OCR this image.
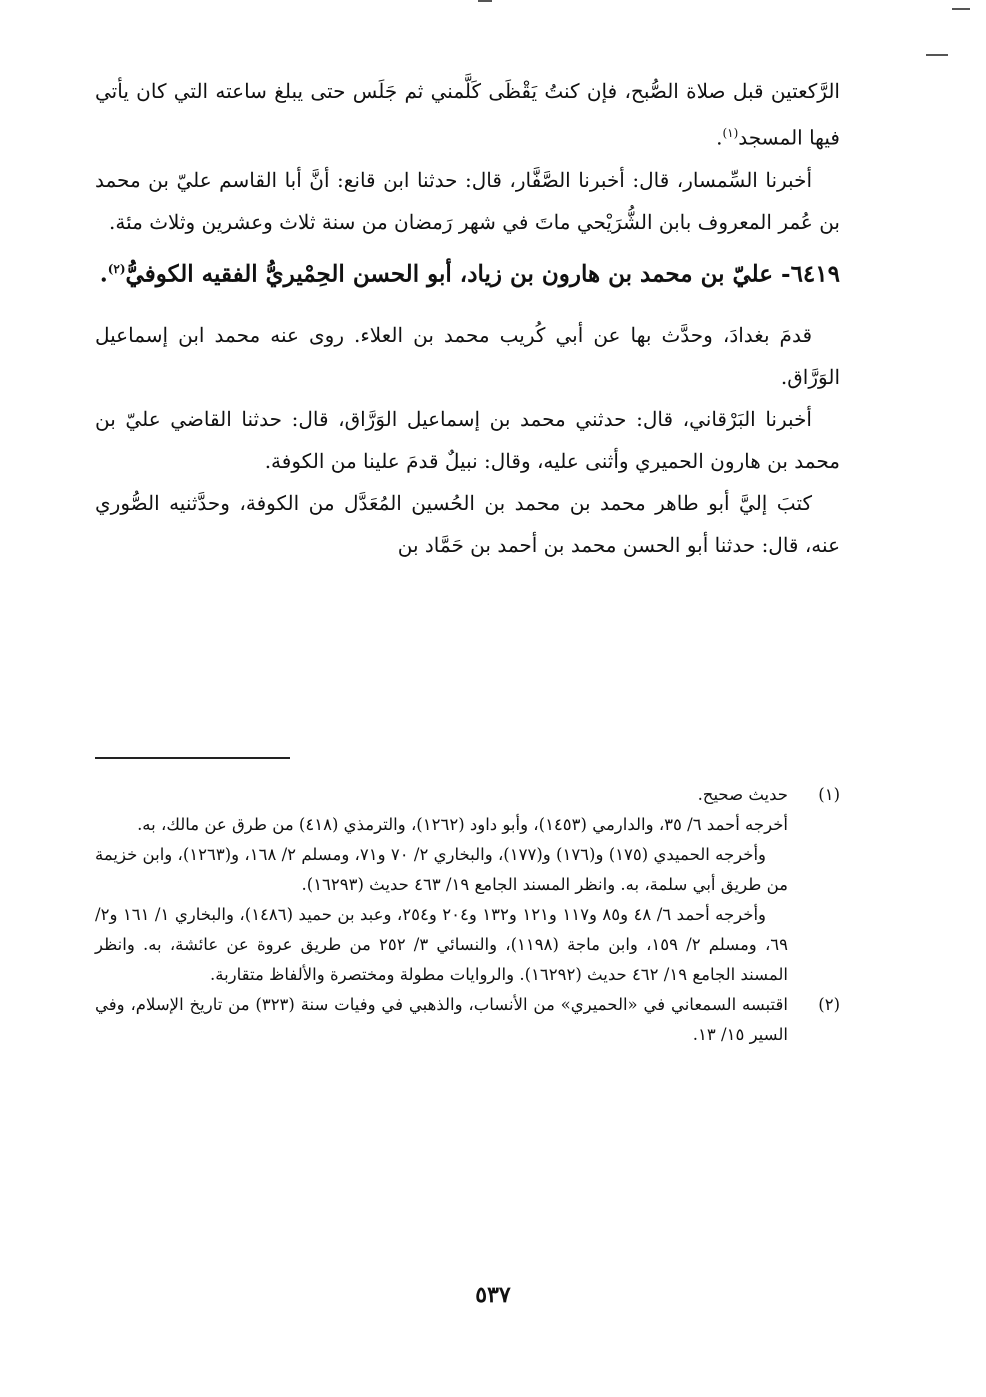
الرَّكعتين قبل صلاة الصُّبح، فإن كنتُ يَقْظَى كَلَّمني ثم جَلَس حتى يبلغ ساعته التي كان يأتي فيها المسجد$^{(١)}$.

أخبرنا السِّمسار، قال: أخبرنا الصَّفَّار، قال: حدثنا ابن قانع: أنَّ أبا القاسم عليّ بن محمد بن عُمر المعروف بابن الشُّرَيْحي ماتَ في شهر رَمضان من سنة ثلاث وعشرين وثلاث مئة.

٦٤١٩- عليّ بن محمد بن هارون بن زياد، أبو الحسن الحِمْيريُّ الفقيه الكوفيُّ$^{(٢)}$.

قدمَ بغدادَ، وحدَّث بها عن أبي كُريب محمد بن العلاء. روى عنه محمد ابن إسماعيل الوَرَّاق.

أخبرنا البَرْقاني، قال: حدثني محمد بن إسماعيل الوَرَّاق، قال: حدثنا القاضي عليّ بن محمد بن هارون الحميري وأثنى عليه، وقال: نبيلٌ قدمَ علينا من الكوفة.

كتبَ إليَّ أبو طاهر محمد بن محمد بن الحُسين المُعَدَّل من الكوفة، وحدَّثنيه الصُّوري عنه، قال: حدثنا أبو الحسن محمد بن أحمد بن حَمَّاد بن

(١)

حديث صحيح.

أخرجه أحمد ٦/ ٣٥، والدارمي (١٤٥٣)، وأبو داود (١٢٦٢)، والترمذي (٤١٨) من طرق عن مالك، به.

وأخرجه الحميدي (١٧٥) و(١٧٦) و(١٧٧)، والبخاري ٢/ ٧٠ و٧١، ومسلم ٢/ ١٦٨، و(١٢٦٣)، وابن خزيمة من طريق أبي سلمة، به. وانظر المسند الجامع ١٩/ ٤٦٣ حديث (١٦٢٩٣).

وأخرجه أحمد ٦/ ٤٨ و٨٥ و١١٧ و١٢١ و١٣٢ و٢٠٤ و٢٥٤، وعبد بن حميد (١٤٨٦)، والبخاري ١/ ١٦١ و٢/ ٦٩، ومسلم ٢/ ١٥٩، وابن ماجة (١١٩٨)، والنسائي ٣/ ٢٥٢ من طريق عروة عن عائشة، به. وانظر المسند الجامع ١٩/ ٤٦٢ حديث (١٦٢٩٢). والروايات مطولة ومختصرة والألفاظ متقاربة.

(٢)

اقتبسه السمعاني في «الحميري» من الأنساب، والذهبي في وفيات سنة (٣٢٣) من تاريخ الإسلام، وفي السير ١٥/ ١٣.

٥٣٧
